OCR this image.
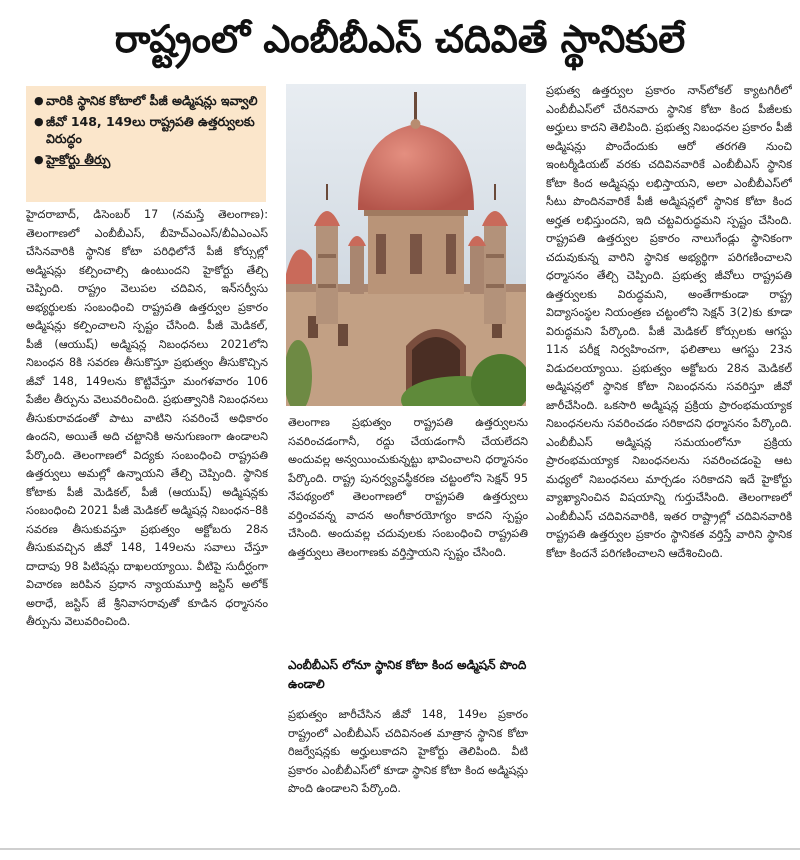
రాష్ట్రంలో ఎంబీబీఎస్‌ చదివితే స్థానికులే
● వారికి స్థానిక కోటాలో పీజీ అడ్మిషన్లు ఇవ్వాలి
● జీవో 148, 149లు రాష్ట్రపతి ఉత్తర్వులకు విరుద్ధం
● హైకోర్టు తీర్పు

హైదరాబాద్‌, డిసెంబర్‌ 17 (నమస్తే తెలంగాణ): తెలంగాణలో ఎంబీబీఎస్‌, బీహెచ్‌ఎంఎస్‌/బీఏఎంఎస్‌ చేసినవారికి స్థానిక కోటా పరిధిలోనే పీజీ కోర్సుల్లో అడ్మిషన్లు కల్పించాల్సి ఉంటుందని హైకోర్టు తేల్చి చెప్పింది. రాష్ట్రం వెలుపల చదివిన, ఇన్‌సర్వీసు అభ్యర్థులకు సంబంధించి రాష్ట్రపతి ఉత్తర్వుల ప్రకారం అడ్మిషన్లు కల్పించాలని స్పష్టం చేసింది. పీజీ మెడికల్‌, పీజీ (ఆయుష్‌) అడ్మిషన్ల నిబంధనలు 2021లోని నిబంధన 8కి సవరణ తీసుకొస్తూ ప్రభుత్వం తీసుకొచ్చిన జీవో 148, 149లను కొట్టివేస్తూ మంగళవారం 106 పేజీల తీర్పును వెలువరించింది. ప్రభుత్వానికి నిబంధనలు తీసుకురావడంతో పాటు వాటిని సవరించే అధికారం ఉందని, అయితే అది చట్టానికి అనుగుణంగా ఉండాలని పేర్కొంది. తెలంగాణలో విద్యకు సంబంధించి రాష్ట్రపతి ఉత్తర్వులు అమల్లో ఉన్నాయని తేల్చి చెప్పింది. స్థానిక కోటాకు పీజీ మెడికల్‌, పీజీ (ఆయుష్‌) అడ్మిషన్లకు సంబంధించి 2021 పీజీ మెడికల్‌ అడ్మిషన్ల నిబంధన–8కి సవరణ తీసుకువస్తూ ప్రభుత్వం అక్టోబరు 28న తీసుకువచ్చిన జీవో 148, 149లను సవాలు చేస్తూ దాదాపు 98 పిటిషన్లు దాఖలయ్యాయి. వీటిపై సుదీర్ఘంగా విచారణ జరిపిన ప్రధాన న్యాయమూర్తి జస్టిస్‌ అలోక్‌ అరాధే, జస్టిస్‌ జే శ్రీనివాసరావుతో కూడిన ధర్మాసనం తీర్పును వెలువరించింది.

తెలంగాణ ప్రభుత్వం రాష్ట్రపతి ఉత్తర్వులను సవరించడంగానీ, రద్దు చేయడంగానీ చేయలేదని అందువల్ల అన్వయించుకున్నట్టు భావించాలని ధర్మాసనం పేర్కొంది. రాష్ట్ర పునర్వ్యవస్థీకరణ చట్టంలోని సెక్షన్‌ 95 నేపథ్యంలో తెలంగాణలో రాష్ట్రపతి ఉత్తర్వులు వర్తించవన్న వాదన అంగీకారయోగ్యం కాదని స్పష్టం చేసింది. అందువల్ల చదువులకు సంబంధించి రాష్ట్రపతి ఉత్తర్వులు తెలంగాణకు వర్తిస్తాయని స్పష్టం చేసింది.

ఎంబీబీఎస్‌ లోనూ స్థానిక కోటా కింద అడ్మిషన్‌ పొంది ఉండాలి

ప్రభుత్వం జారీచేసిన జీవో 148, 149ల ప్రకారం రాష్ట్రంలో ఎంబీబీఎస్‌ చదివినంత మాత్రాన స్థానిక కోటా రిజర్వేషన్లకు అర్హులుకాదని హైకోర్టు తెలిపింది. వీటి ప్రకారం ఎంబీబీఎస్‌లో కూడా స్థానిక కోటా కింద అడ్మిషన్లు పొంది ఉండాలని పేర్కొంది.

ప్రభుత్వ ఉత్తర్వుల ప్రకారం నాన్‌లోకల్‌ క్యాటగిరీలో ఎంబీబీఎస్‌లో చేరినవారు స్థానిక కోటా కింద పీజీలకు అర్హులు కాదని తెలిపింది. ప్రభుత్వ నిబంధనల ప్రకారం పీజీ అడ్మిషన్లు పొందేందుకు ఆరో తరగతి నుంచి ఇంటర్మీడియట్‌ వరకు చదివినవారికే ఎంబీబీఎస్‌ స్థానిక కోటా కింద అడ్మిషన్లు లభిస్తాయని, అలా ఎంబీబీఎస్‌లో సీటు పొందినవారికే పీజీ అడ్మిషన్లలో స్థానిక కోటా కింద అర్హత లభిస్తుందని, ఇది చట్టవిరుద్ధమని స్పష్టం చేసింది. రాష్ట్రపతి ఉత్తర్వుల ప్రకారం నాలుగేండ్లు స్థానికంగా చదువుకున్న వారిని స్థానిక అభ్యర్థిగా పరిగణించాలని ధర్మాసనం తేల్చి చెప్పింది. ప్రభుత్వ జీవోలు రాష్ట్రపతి ఉత్తర్వులకు విరుద్ధమని, అంతేగాకుండా రాష్ట్ర విద్యాసంస్థల నియంత్రణ చట్టంలోని సెక్షన్‌ 3(2)కు కూడా విరుద్ధమని పేర్కొంది. పీజీ మెడికల్‌ కోర్సులకు ఆగస్టు 11న పరీక్ష నిర్వహించగా, ఫలితాలు ఆగస్టు 23న విడుదలయ్యాయి. ప్రభుత్వం అక్టోబరు 28న మెడికల్‌ అడ్మిషన్లలో స్థానిక కోటా నిబంధనను సవరిస్తూ జీవో జారీచేసింది. ఒకసారి అడ్మిషన్ల ప్రక్రియ ప్రారంభమయ్యాక నిబంధనలను సవరించడం సరికాదని ధర్మాసనం పేర్కొంది. ఎంబీబీఎస్‌ అడ్మిషన్ల సమయంలోనూ ప్రక్రియ ప్రారంభమయ్యాక నిబంధనలను సవరించడంపై ఆట మధ్యలో నిబంధనలు మార్చడం సరికాదని ఇదే హైకోర్టు వ్యాఖ్యానించిన విషయాన్ని గుర్తుచేసింది. తెలంగాణలో ఎంబీబీఎస్‌ చదివినవారికి, ఇతర రాష్ట్రాల్లో చదివినవారికి రాష్ట్రపతి ఉత్తర్వుల ప్రకారం స్థానికత వర్తిస్తే వారిని స్థానిక కోటా కిందనే పరిగణించాలని ఆదేశించింది.
